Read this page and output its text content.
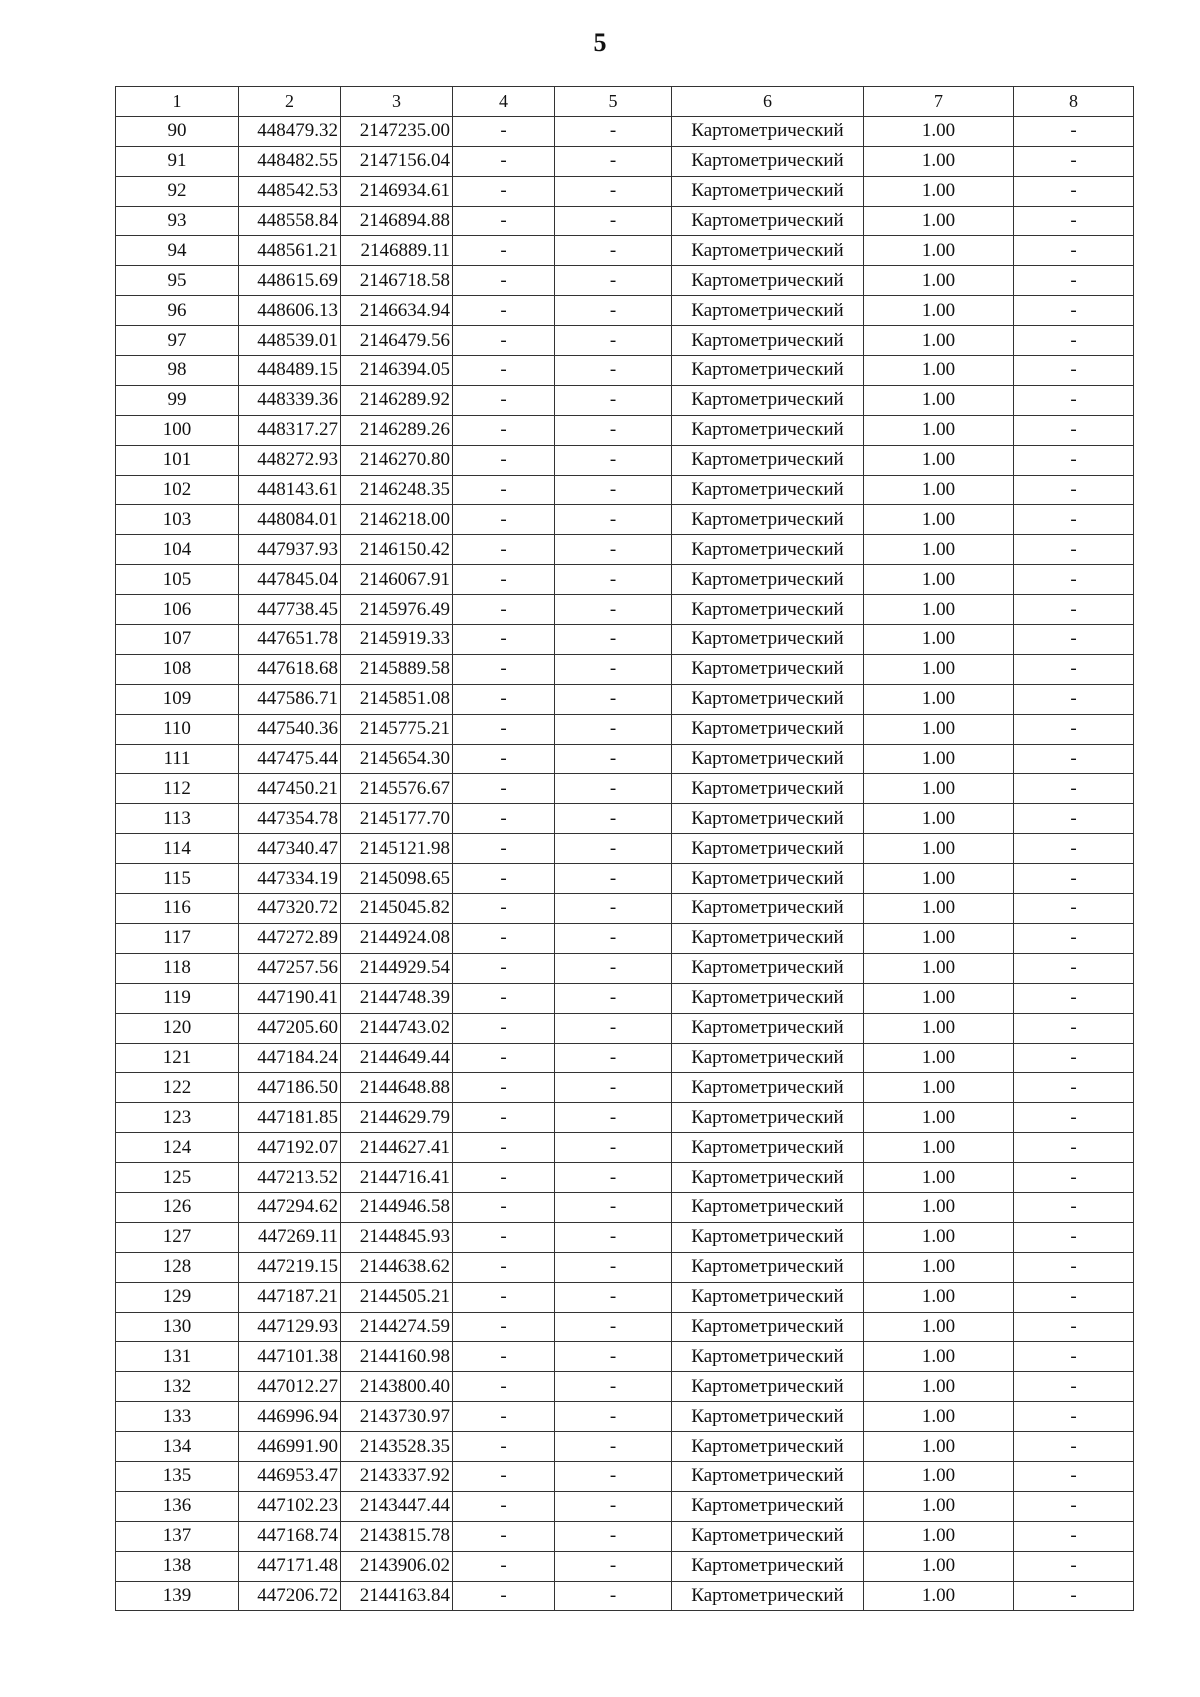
5
1	2	3	4	5	6	7	8
90	448479.32	2147235.00	-	-	Картометрический	1.00	-
91	448482.55	2147156.04	-	-	Картометрический	1.00	-
92	448542.53	2146934.61	-	-	Картометрический	1.00	-
93	448558.84	2146894.88	-	-	Картометрический	1.00	-
94	448561.21	2146889.11	-	-	Картометрический	1.00	-
95	448615.69	2146718.58	-	-	Картометрический	1.00	-
96	448606.13	2146634.94	-	-	Картометрический	1.00	-
97	448539.01	2146479.56	-	-	Картометрический	1.00	-
98	448489.15	2146394.05	-	-	Картометрический	1.00	-
99	448339.36	2146289.92	-	-	Картометрический	1.00	-
100	448317.27	2146289.26	-	-	Картометрический	1.00	-
101	448272.93	2146270.80	-	-	Картометрический	1.00	-
102	448143.61	2146248.35	-	-	Картометрический	1.00	-
103	448084.01	2146218.00	-	-	Картометрический	1.00	-
104	447937.93	2146150.42	-	-	Картометрический	1.00	-
105	447845.04	2146067.91	-	-	Картометрический	1.00	-
106	447738.45	2145976.49	-	-	Картометрический	1.00	-
107	447651.78	2145919.33	-	-	Картометрический	1.00	-
108	447618.68	2145889.58	-	-	Картометрический	1.00	-
109	447586.71	2145851.08	-	-	Картометрический	1.00	-
110	447540.36	2145775.21	-	-	Картометрический	1.00	-
111	447475.44	2145654.30	-	-	Картометрический	1.00	-
112	447450.21	2145576.67	-	-	Картометрический	1.00	-
113	447354.78	2145177.70	-	-	Картометрический	1.00	-
114	447340.47	2145121.98	-	-	Картометрический	1.00	-
115	447334.19	2145098.65	-	-	Картометрический	1.00	-
116	447320.72	2145045.82	-	-	Картометрический	1.00	-
117	447272.89	2144924.08	-	-	Картометрический	1.00	-
118	447257.56	2144929.54	-	-	Картометрический	1.00	-
119	447190.41	2144748.39	-	-	Картометрический	1.00	-
120	447205.60	2144743.02	-	-	Картометрический	1.00	-
121	447184.24	2144649.44	-	-	Картометрический	1.00	-
122	447186.50	2144648.88	-	-	Картометрический	1.00	-
123	447181.85	2144629.79	-	-	Картометрический	1.00	-
124	447192.07	2144627.41	-	-	Картометрический	1.00	-
125	447213.52	2144716.41	-	-	Картометрический	1.00	-
126	447294.62	2144946.58	-	-	Картометрический	1.00	-
127	447269.11	2144845.93	-	-	Картометрический	1.00	-
128	447219.15	2144638.62	-	-	Картометрический	1.00	-
129	447187.21	2144505.21	-	-	Картометрический	1.00	-
130	447129.93	2144274.59	-	-	Картометрический	1.00	-
131	447101.38	2144160.98	-	-	Картометрический	1.00	-
132	447012.27	2143800.40	-	-	Картометрический	1.00	-
133	446996.94	2143730.97	-	-	Картометрический	1.00	-
134	446991.90	2143528.35	-	-	Картометрический	1.00	-
135	446953.47	2143337.92	-	-	Картометрический	1.00	-
136	447102.23	2143447.44	-	-	Картометрический	1.00	-
137	447168.74	2143815.78	-	-	Картометрический	1.00	-
138	447171.48	2143906.02	-	-	Картометрический	1.00	-
139	447206.72	2144163.84	-	-	Картометрический	1.00	-
